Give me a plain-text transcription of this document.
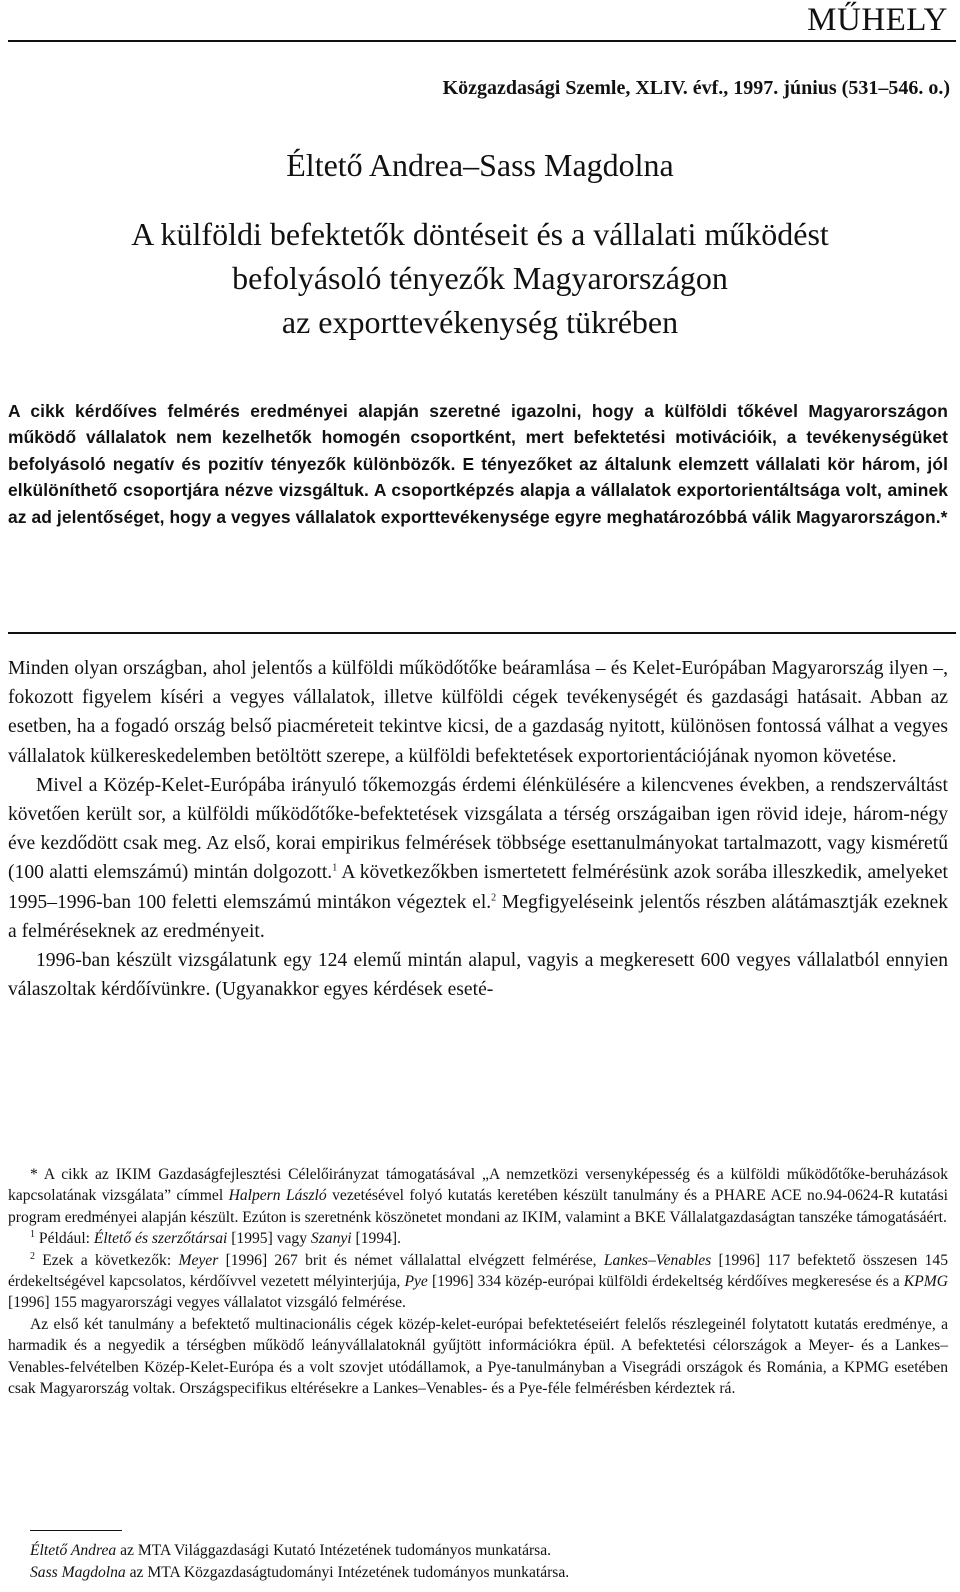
MŰHELY
Közgazdasági Szemle, XLIV. évf., 1997. június (531–546. o.)
Éltető Andrea–Sass Magdolna
A külföldi befektetők döntéseit és a vállalati működést
befolyásoló tényezők Magyarországon
az exporttevékenység tükrében
A cikk kérdőíves felmérés eredményei alapján szeretné igazolni, hogy a külföldi tőkével Magyarországon működő vállalatok nem kezelhetők homogén csoportként, mert befektetési motivációik, a tevékenységüket befolyásoló negatív és pozitív tényezők különbözők. E tényezőket az általunk elemzett vállalati kör három, jól elkülöníthető csoportjára nézve vizsgáltuk. A csoportképzés alapja a vállalatok exportorientáltsága volt, aminek az ad jelentőséget, hogy a vegyes vállalatok exporttevékenysége egyre meghatározóbbá válik Magyarországon.*

Minden olyan országban, ahol jelentős a külföldi működőtőke beáramlása – és Kelet-Európában Magyarország ilyen –, fokozott figyelem kíséri a vegyes vállalatok, illetve külföldi cégek tevékenységét és gazdasági hatásait. Abban az esetben, ha a fogadó ország belső piacméreteit tekintve kicsi, de a gazdaság nyitott, különösen fontossá válhat a vegyes vállalatok külkereskedelemben betöltött szerepe, a külföldi befektetések exportorientációjának nyomon követése.

Mivel a Közép-Kelet-Európába irányuló tőkemozgás érdemi élénkülésére a kilencvenes években, a rendszerváltást követően került sor, a külföldi működőtőke-befektetések vizsgálata a térség országaiban igen rövid ideje, három-négy éve kezdődött csak meg. Az első, korai empirikus felmérések többsége esettanulmányokat tartalmazott, vagy kisméretű (100 alatti elemszámú) mintán dolgozott.$^1$ A következőkben ismertetett felmérésünk azok sorába illeszkedik, amelyeket 1995–1996-ban 100 feletti elemszámú mintákon végeztek el.$^2$ Megfigyeléseink jelentős részben alátámasztják ezeknek a felméréseknek az eredményeit.

1996-ban készült vizsgálatunk egy 124 elemű mintán alapul, vagyis a megkeresett 600 vegyes vállalatból ennyien válaszoltak kérdőívünkre. (Ugyanakkor egyes kérdések eseté-

* A cikk az IKIM Gazdaságfejlesztési Célelőirányzat támogatásával „A nemzetközi versenyképesség és a külföldi működőtőke-beruházások kapcsolatának vizsgálata” címmel Halpern László vezetésével folyó kutatás keretében készült tanulmány és a PHARE ACE no.94-0624-R kutatási program eredményei alapján készült. Ezúton is szeretnénk köszönetet mondani az IKIM, valamint a BKE Vállalatgazdaságtan tanszéke támogatásáért.

$^1$ Például: Éltető és szerzőtársai [1995] vagy Szanyi [1994].

$^2$ Ezek a következők: Meyer [1996] 267 brit és német vállalattal elvégzett felmérése, Lankes–Venables [1996] 117 befektető összesen 145 érdekeltségével kapcsolatos, kérdőívvel vezetett mélyinterjúja, Pye [1996] 334 közép-európai külföldi érdekeltség kérdőíves megkeresése és a KPMG [1996] 155 magyarországi vegyes vállalatot vizsgáló felmérése.

Az első két tanulmány a befektető multinacionális cégek közép-kelet-európai befektetéseiért felelős részlegeinél folytatott kutatás eredménye, a harmadik és a negyedik a térségben működő leányvállalatoknál gyűjtött információkra épül. A befektetési célországok a Meyer- és a Lankes–Venables-felvételben Közép-Kelet-Európa és a volt szovjet utódállamok, a Pye-tanulmányban a Visegrádi országok és Románia, a KPMG esetében csak Magyarország voltak. Országspecifikus eltérésekre a Lankes–Venables- és a Pye-féle felmérésben kérdeztek rá.

Éltető Andrea az MTA Világgazdasági Kutató Intézetének tudományos munkatársa.
Sass Magdolna az MTA Közgazdaságtudományi Intézetének tudományos munkatársa.
